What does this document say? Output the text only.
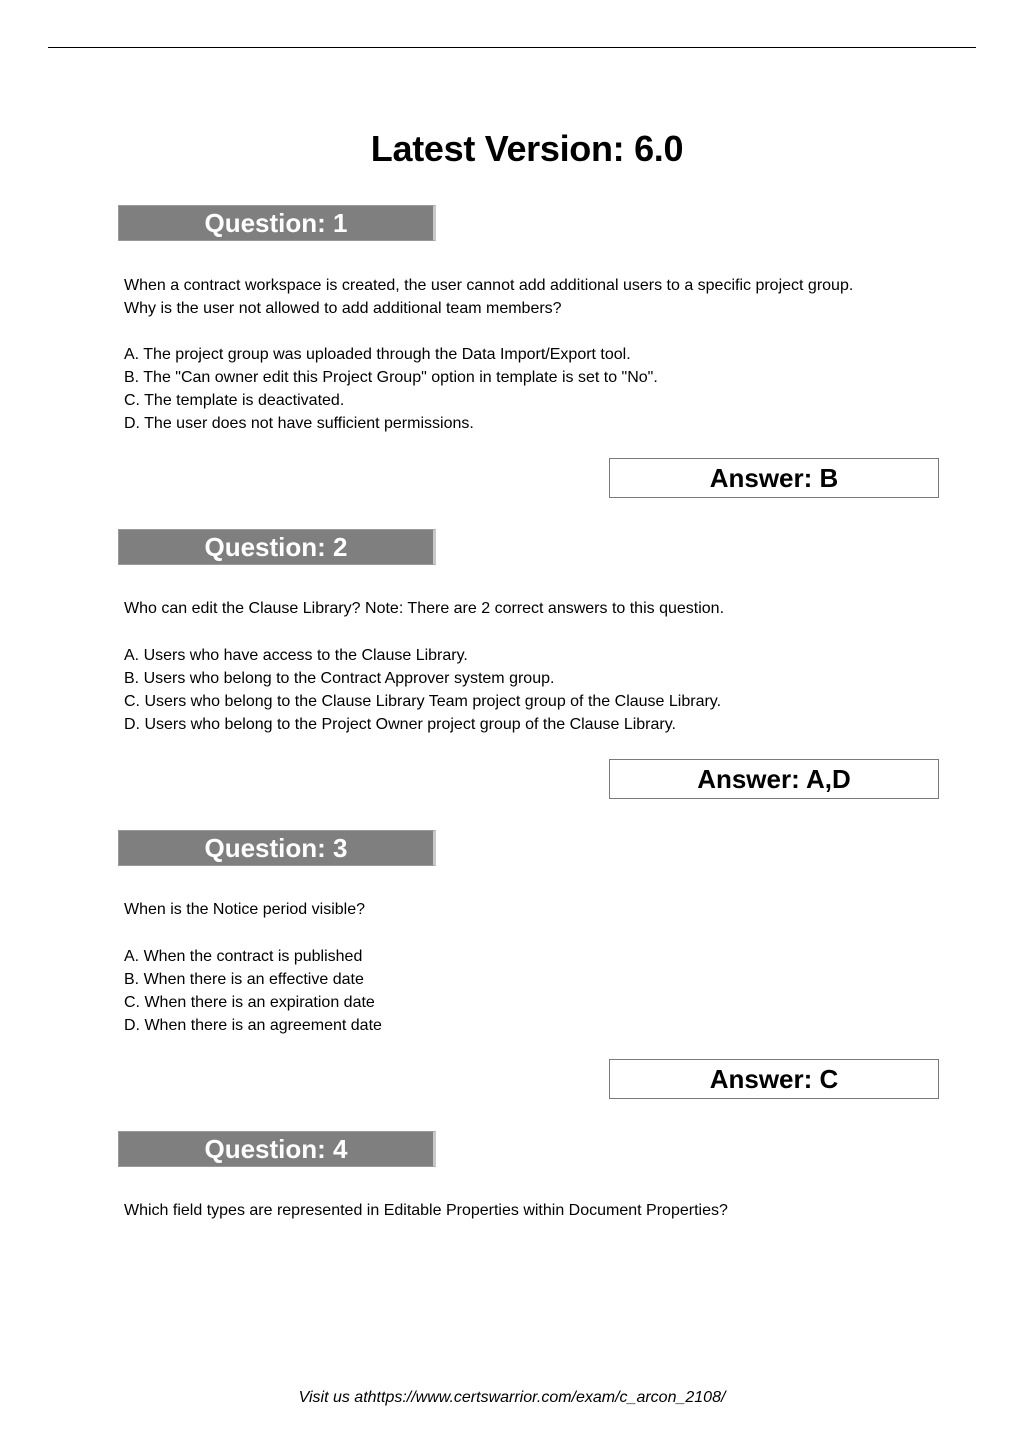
Latest Version: 6.0
Question: 1

When a contract workspace is created, the user cannot add additional users to a specific project group.

Why is the user not allowed to add additional team members?

A. The project group was uploaded through the Data Import/Export tool.
B. The "Can owner edit this Project Group" option in template is set to "No".
C. The template is deactivated.
D. The user does not have sufficient permissions.
Answer: B
Question: 2

Who can edit the Clause Library? Note: There are 2 correct answers to this question.

A. Users who have access to the Clause Library.
B. Users who belong to the Contract Approver system group.
C. Users who belong to the Clause Library Team project group of the Clause Library.
D. Users who belong to the Project Owner project group of the Clause Library.
Answer: A,D
Question: 3

When is the Notice period visible?

A. When the contract is published
B. When there is an effective date
C. When there is an expiration date
D. When there is an agreement date
Answer: C
Question: 4

Which field types are represented in Editable Properties within Document Properties?

Visit us athttps://www.certswarrior.com/exam/c_arcon_2108/
